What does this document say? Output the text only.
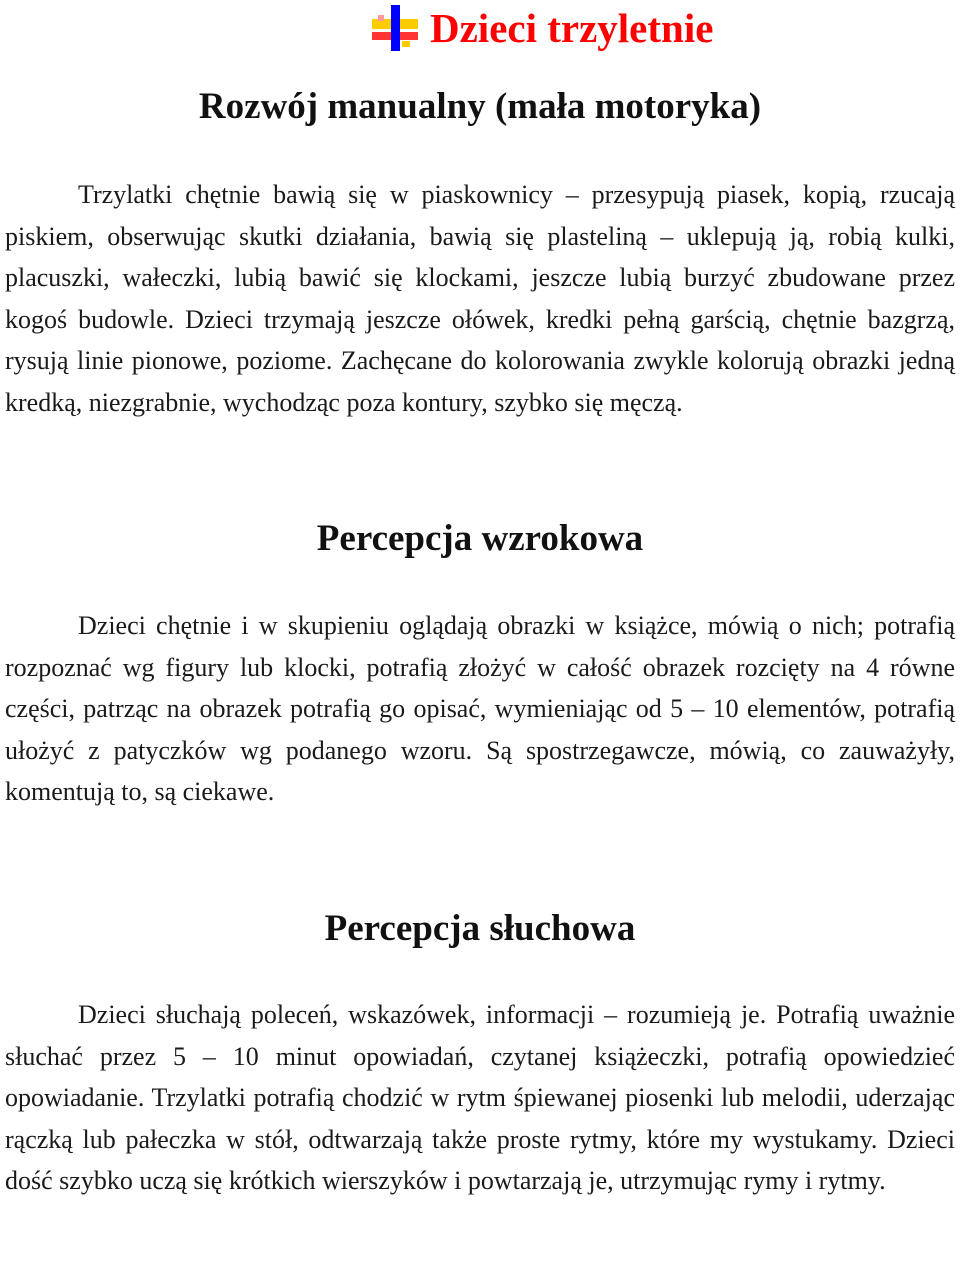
Dzieci trzyletnie
Rozwój manualny (mała motoryka)

Trzylatki chętnie bawią się w piaskownicy – przesypują piasek, kopią, rzucają piskiem, obserwując skutki działania, bawią się plasteliną – uklepują ją, robią kulki, placuszki, wałeczki, lubią bawić się klockami, jeszcze lubią burzyć zbudowane przez kogoś budowle. Dzieci trzymają jeszcze ołówek, kredki pełną garścią, chętnie bazgrzą, rysują linie pionowe, poziome. Zachęcane do kolorowania zwykle kolorują obrazki jedną kredką, niezgrabnie, wychodząc poza kontury, szybko się męczą.

Percepcja wzrokowa

Dzieci chętnie i w skupieniu oglądają obrazki w książce, mówią o nich; potrafią rozpoznać wg figury lub klocki, potrafią złożyć w całość obrazek rozcięty na 4 równe części, patrząc na obrazek potrafią go opisać, wymieniając od 5 – 10 elementów, potrafią ułożyć z patyczków wg podanego wzoru. Są spostrzegawcze, mówią, co zauważyły, komentują to, są ciekawe.

Percepcja słuchowa

Dzieci słuchają poleceń, wskazówek, informacji – rozumieją je. Potrafią uważnie słuchać przez 5 – 10 minut opowiadań, czytanej książeczki, potrafią opowiedzieć opowiadanie. Trzylatki potrafią chodzić w rytm śpiewanej piosenki lub melodii, uderzając rączką lub pałeczka w stół, odtwarzają także proste rytmy, które my wystukamy. Dzieci dość szybko uczą się krótkich wierszyków i powtarzają je, utrzymując rymy i rytmy.
